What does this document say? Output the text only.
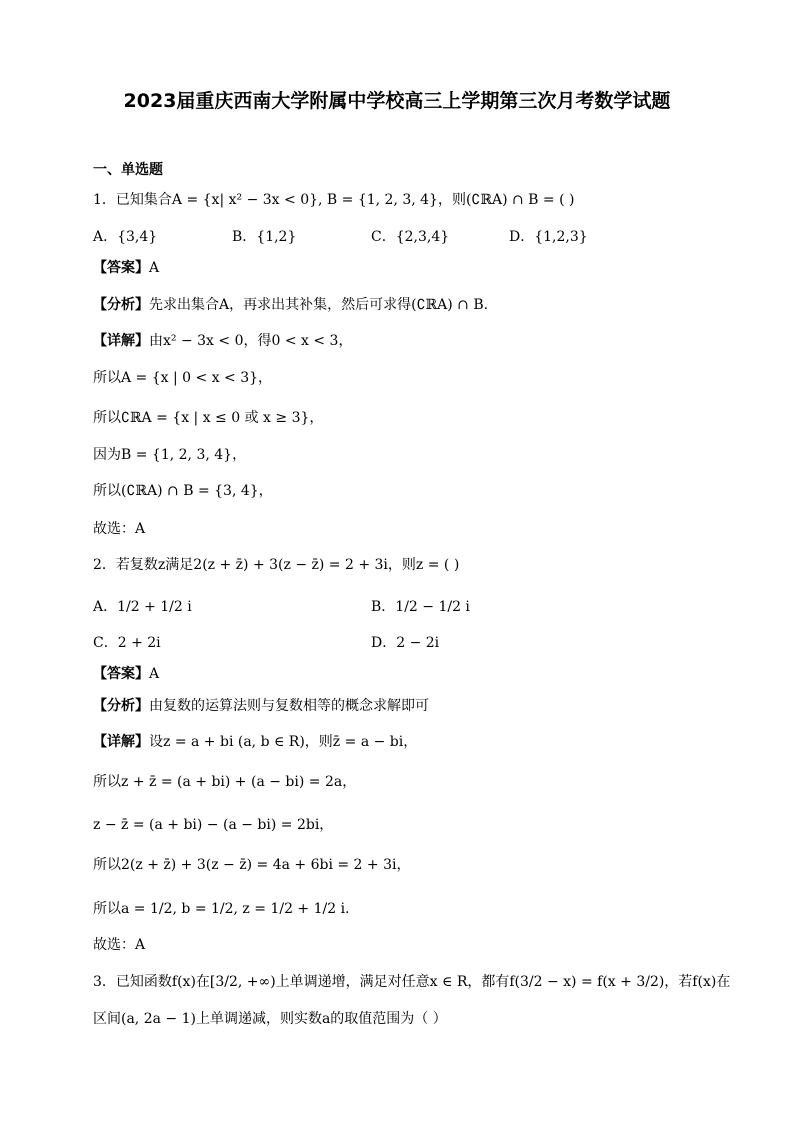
2023届重庆西南大学附属中学校高三上学期第三次月考数学试题
一、单选题
1．已知集合A = {x| x² − 3x < 0}, B = {1, 2, 3, 4}，则(∁ℝA) ∩ B = ( )
A．{3,4}	B．{1,2}	C．{2,3,4}	D．{1,2,3}
【答案】A
【分析】先求出集合A，再求出其补集，然后可求得(∁ℝA) ∩ B.
【详解】由x² − 3x < 0，得0 < x < 3，
所以A = {x | 0 < x < 3}，
所以∁ℝA = {x | x ≤ 0 或 x ≥ 3}，
因为B = {1, 2, 3, 4}，
所以(∁ℝA) ∩ B = {3, 4}，
故选：A
2．若复数z满足2(z + z̄) + 3(z − z̄) = 2 + 3i，则z = ( )
A．1/2 + 1/2 i	B．1/2 − 1/2 i
C．2 + 2i	D．2 − 2i
【答案】A
【分析】由复数的运算法则与复数相等的概念求解即可
【详解】设z = a + bi (a, b ∈ R)，则z̄ = a − bi，
所以z + z̄ = (a + bi) + (a − bi) = 2a，
z − z̄ = (a + bi) − (a − bi) = 2bi，
所以2(z + z̄) + 3(z − z̄) = 4a + 6bi = 2 + 3i，
所以a = 1/2, b = 1/2, z = 1/2 + 1/2 i.
故选：A
3．已知函数f(x)在[3/2, +∞)上单调递增，满足对任意x ∈ R，都有f(3/2 − x) = f(x + 3/2)，若f(x)在
区间(a, 2a − 1)上单调递减，则实数a的取值范围为（ ）
